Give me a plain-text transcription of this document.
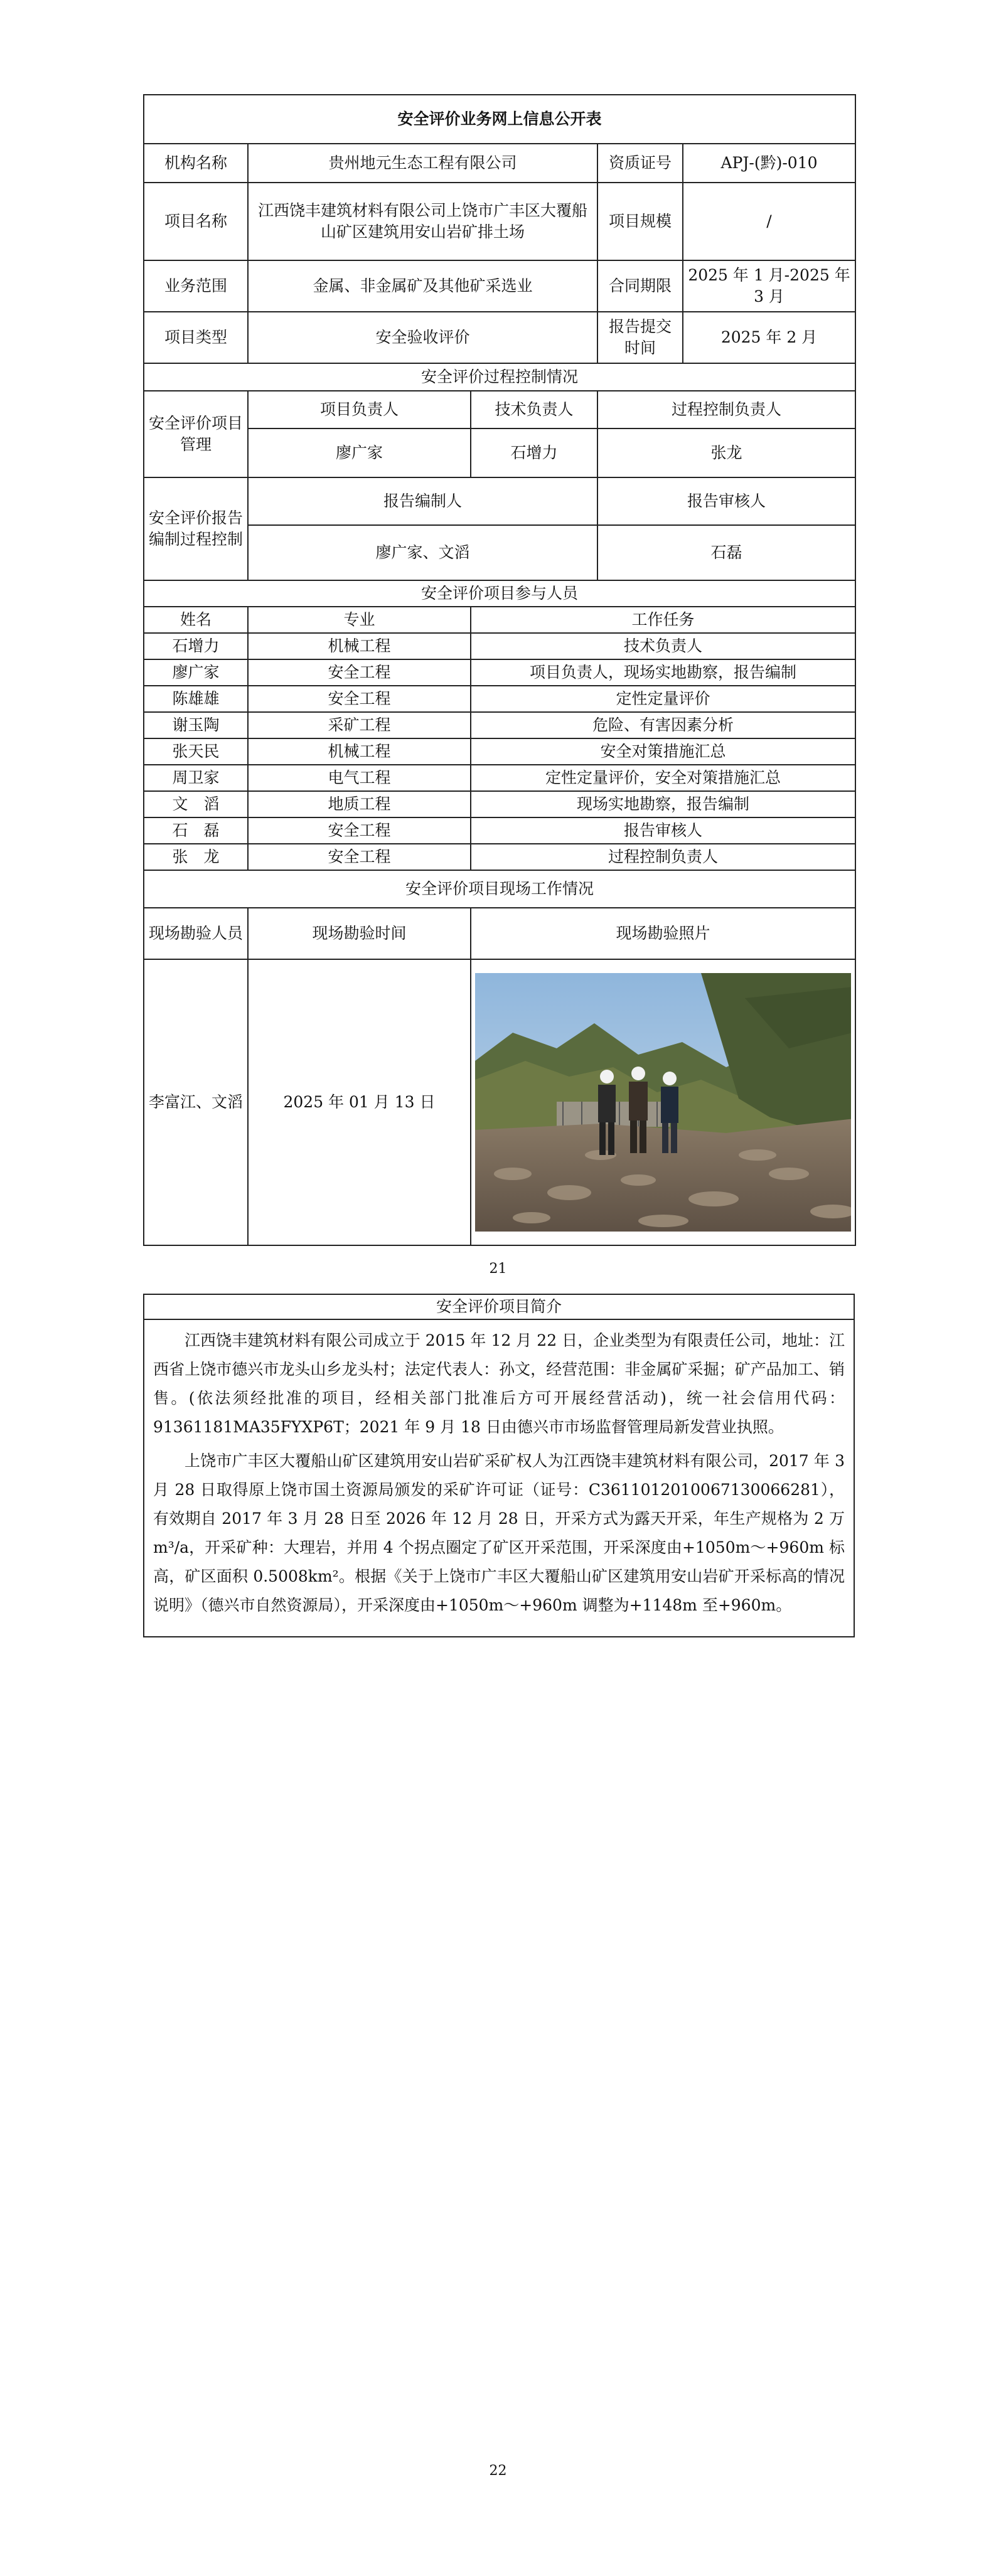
安全评价业务网上信息公开表				
机构名称	贵州地元生态工程有限公司		资质证号	APJ-(黔)-010
项目名称	江西饶丰建筑材料有限公司上饶市广丰区大覆船山矿区建筑用安山岩矿排土场		项目规模	/
业务范围	金属、非金属矿及其他矿采选业		合同期限	2025 年 1 月-2025 年 3 月
项目类型	安全验收评价		报告提交时间	2025 年 2 月
安全评价过程控制情况				
安全评价项目管理	项目负责人	技术负责人	过程控制负责人	
	廖广家	石增力	张龙	
安全评价报告编制过程控制	报告编制人		报告审核人	
	廖广家、文滔		石磊	
安全评价项目参与人员				
姓名	专业	工作任务		
石增力	机械工程	技术负责人		
廖广家	安全工程	项目负责人，现场实地勘察，报告编制		
陈雄雄	安全工程	定性定量评价		
谢玉陶	采矿工程	危险、有害因素分析		
张天民	机械工程	安全对策措施汇总		
周卫家	电气工程	定性定量评价，安全对策措施汇总		
文　滔	地质工程	现场实地勘察，报告编制		
石　磊	安全工程	报告审核人		
张　龙	安全工程	过程控制负责人		
安全评价项目现场工作情况				
现场勘验人员	现场勘验时间	现场勘验照片		
李富江、文滔	2025 年 01 月 13 日	
21
安全评价项目简介

江西饶丰建筑材料有限公司成立于 2015 年 12 月 22 日，企业类型为有限责任公司，地址：江西省上饶市德兴市龙头山乡龙头村；法定代表人：孙文，经营范围：非金属矿采掘；矿产品加工、销售。(依法须经批准的项目，经相关部门批准后方可开展经营活动)，统一社会信用代码：91361181MA35FYXP6T；2021 年 9 月 18 日由德兴市市场监督管理局新发营业执照。

上饶市广丰区大覆船山矿区建筑用安山岩矿采矿权人为江西饶丰建筑材料有限公司，2017 年 3 月 28 日取得原上饶市国土资源局颁发的采矿许可证（证号：C3611012010067130066281），有效期自 2017 年 3 月 28 日至 2026 年 12 月 28 日，开采方式为露天开采，年生产规格为 2 万 m³/a，开采矿种：大理岩，并用 4 个拐点圈定了矿区开采范围，开采深度由+1050m～+960m 标高，矿区面积 0.5008km²。根据《关于上饶市广丰区大覆船山矿区建筑用安山岩矿开采标高的情况说明》（德兴市自然资源局），开采深度由+1050m～+960m 调整为+1148m 至+960m。

22
